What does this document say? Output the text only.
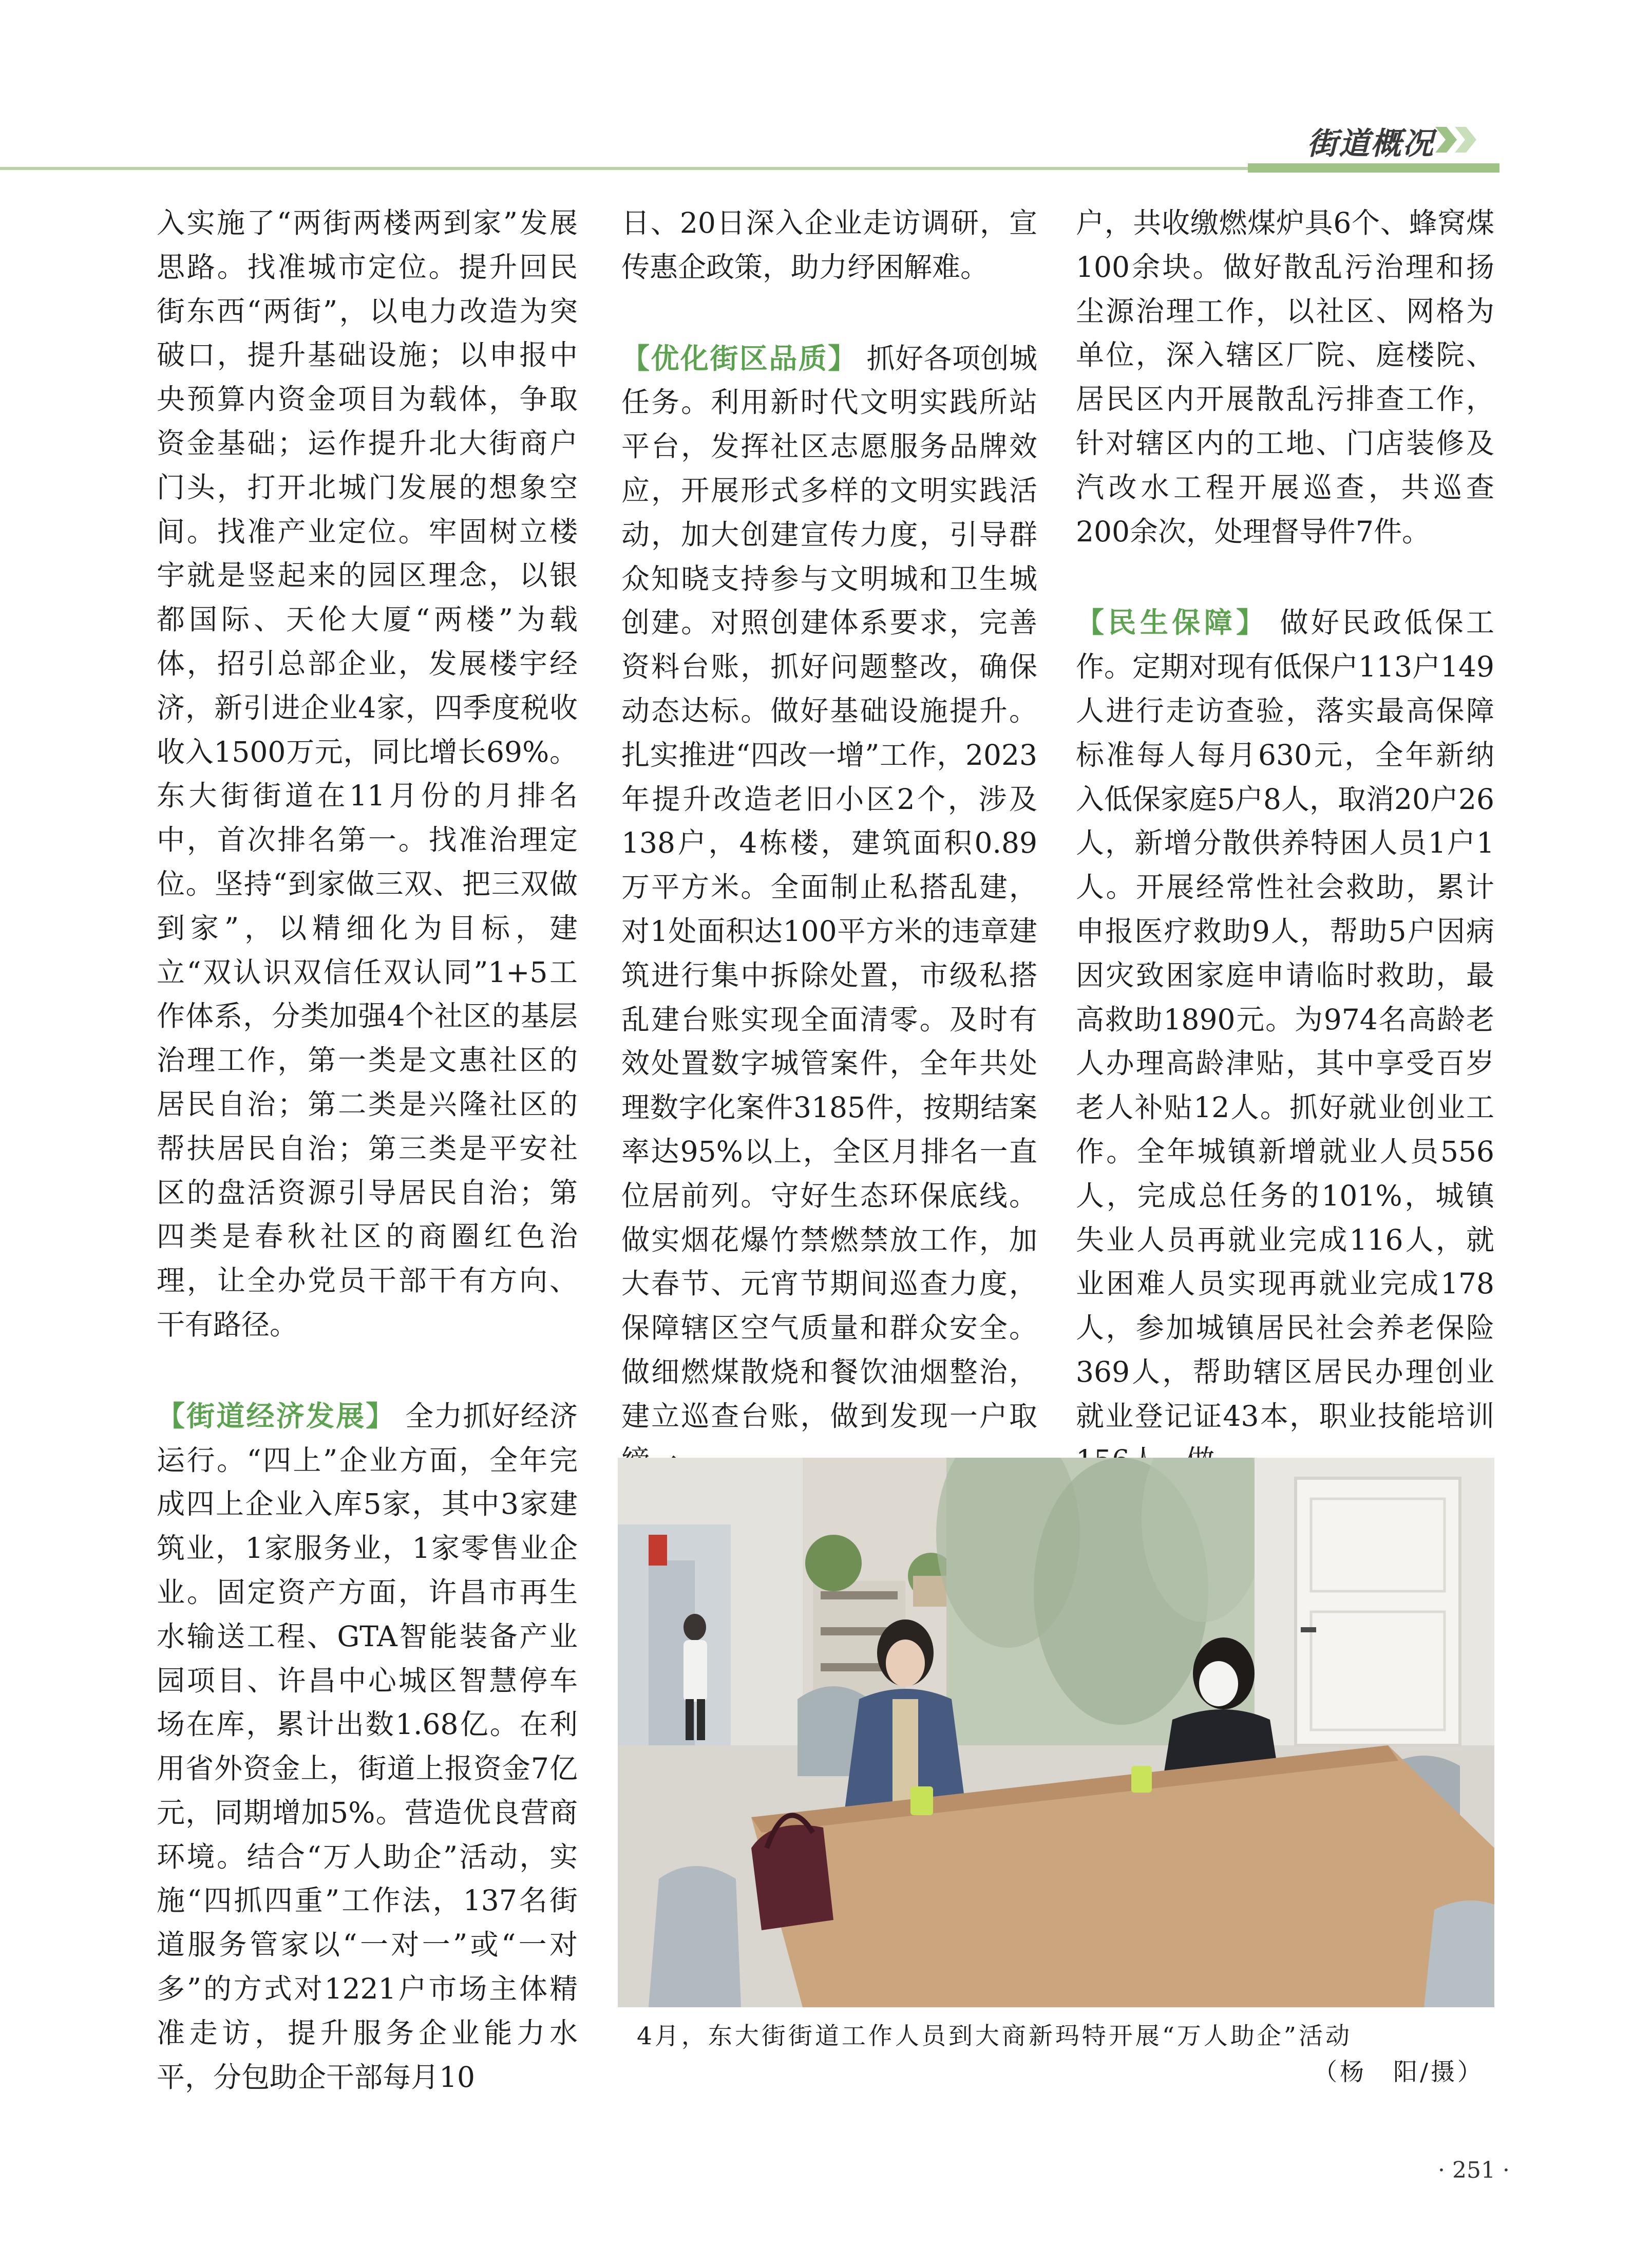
街道概况

入实施了“两街两楼两到家”发展思路。找准城市定位。提升回民街东西“两街”，以电力改造为突破口，提升基础设施；以申报中央预算内资金项目为载体，争取资金基础；运作提升北大街商户门头，打开北城门发展的想象空间。找准产业定位。牢固树立楼宇就是竖起来的园区理念，以银都国际、天伦大厦“两楼”为载体，招引总部企业，发展楼宇经济，新引进企业4家，四季度税收收入1500万元，同比增长69%。东大街街道在11月份的月排名中，首次排名第一。找准治理定位。坚持“到家做三双、把三双做到家”，以精细化为目标，建立“双认识双信任双认同”1+5工作体系，分类加强4个社区的基层治理工作，第一类是文惠社区的居民自治；第二类是兴隆社区的帮扶居民自治；第三类是平安社区的盘活资源引导居民自治；第四类是春秋社区的商圈红色治理，让全办党员干部干有方向、干有路径。

【街道经济发展】 全力抓好经济运行。“四上”企业方面，全年完成四上企业入库5家，其中3家建筑业，1家服务业，1家零售业企业。固定资产方面，许昌市再生水输送工程、GTA智能装备产业园项目、许昌中心城区智慧停车场在库，累计出数1.68亿。在利用省外资金上，街道上报资金7亿元，同期增加5%。营造优良营商环境。结合“万人助企”活动，实施“四抓四重”工作法，137名街道服务管家以“一对一”或“一对多”的方式对1221户市场主体精准走访，提升服务企业能力水平，分包助企干部每月10

日、20日深入企业走访调研，宣传惠企政策，助力纾困解难。

【优化街区品质】 抓好各项创城任务。利用新时代文明实践所站平台，发挥社区志愿服务品牌效应，开展形式多样的文明实践活动，加大创建宣传力度，引导群众知晓支持参与文明城和卫生城创建。对照创建体系要求，完善资料台账，抓好问题整改，确保动态达标。做好基础设施提升。扎实推进“四改一增”工作，2023年提升改造老旧小区2个，涉及138户，4栋楼，建筑面积0.89万平方米。全面制止私搭乱建，对1处面积达100平方米的违章建筑进行集中拆除处置，市级私搭乱建台账实现全面清零。及时有效处置数字城管案件，全年共处理数字化案件3185件，按期结案率达95%以上，全区月排名一直位居前列。守好生态环保底线。做实烟花爆竹禁燃禁放工作，加大春节、元宵节期间巡查力度，保障辖区空气质量和群众安全。做细燃煤散烧和餐饮油烟整治，建立巡查台账，做到发现一户取

户，共收缴燃煤炉具6个、蜂窝煤100余块。做好散乱污治理和扬尘源治理工作，以社区、网格为单位，深入辖区厂院、庭楼院、居民区内开展散乱污排查工作，针对辖区内的工地、门店装修及汽改水工程开展巡查，共巡查200余次，处理督导件7件。

【民生保障】 做好民政低保工作。定期对现有低保户113户149人进行走访查验，落实最高保障标准每人每月630元，全年新纳入低保家庭5户8人，取消20户26人，新增分散供养特困人员1户1人。开展经常性社会救助，累计申报医疗救助9人，帮助5户因病因灾致困家庭申请临时救助，最高救助1890元。为974名高龄老人办理高龄津贴，其中享受百岁老人补贴12人。抓好就业创业工作。全年城镇新增就业人员556人，完成总任务的101%，城镇失业人员再就业完成116人，就业困难人员实现再就业完成178人，参加城镇居民社会养老保险369人，帮助辖区居民办理创业就业登记证43本，职业技能培训

4月，东大街街道工作人员到大商新玛特开展“万人助企”活动
（杨　阳/摄）
· 251 ·
